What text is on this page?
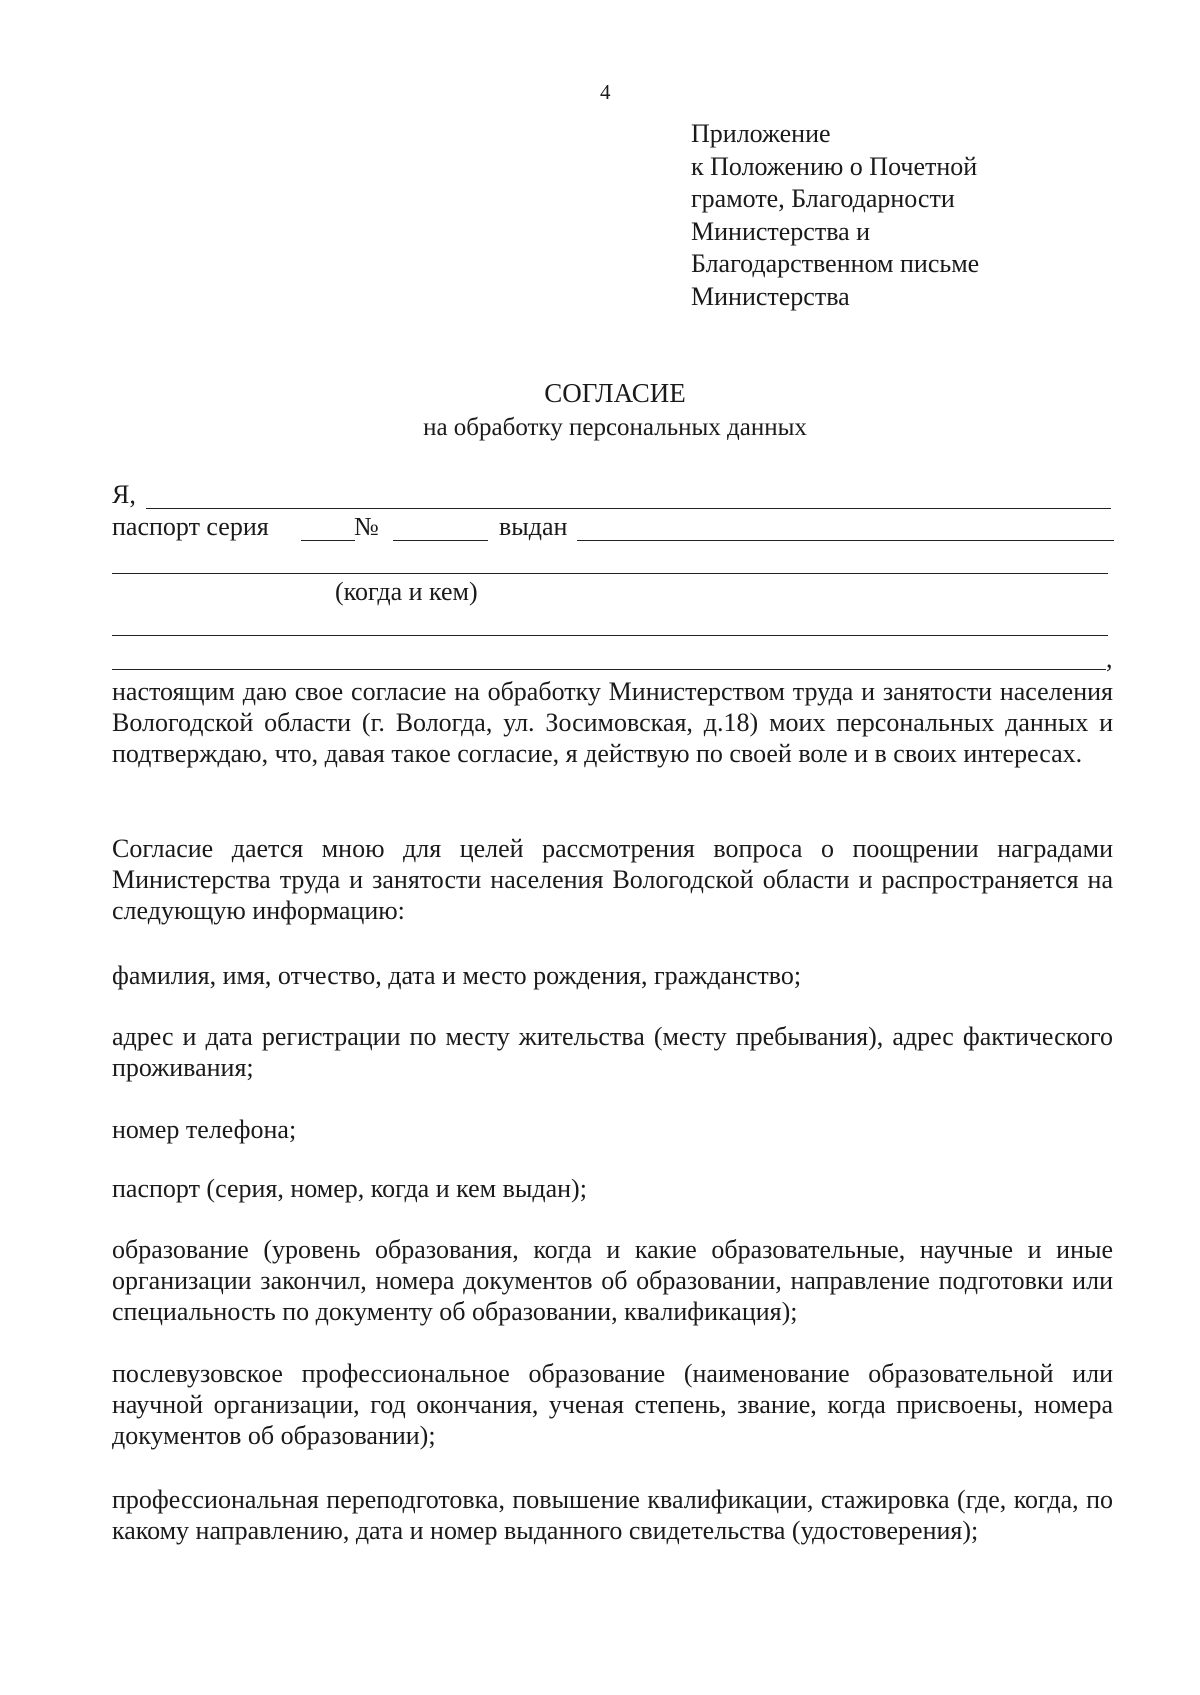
4
Приложение
к Положению о Почетной
грамоте, Благодарности
Министерства и
Благодарственном письме
Министерства
СОГЛАСИЕ
на обработку персональных данных
Я,
паспорт серия	№	выдан
(когда и кем)
,
настоящим даю свое согласие на обработку Министерством труда и занятости населения Вологодской области (г. Вологда, ул. Зосимовская, д.18) моих персональных данных и подтверждаю, что, давая такое согласие, я действую по своей воле и в своих интересах.
Согласие дается мною для целей рассмотрения вопроса о поощрении наградами Министерства труда и занятости населения Вологодской области и распространяется на следующую информацию:
фамилия, имя, отчество, дата и место рождения, гражданство;
адрес и дата регистрации по месту жительства (месту пребывания), адрес фактического проживания;
номер телефона;
паспорт (серия, номер, когда и кем выдан);
образование (уровень образования, когда и какие образовательные, научные и иные организации закончил, номера документов об образовании, направление подготовки или специальность по документу об образовании, квалификация);
послевузовское профессиональное образование (наименование образовательной или научной организации, год окончания, ученая степень, звание, когда присвоены, номера документов об образовании);
профессиональная переподготовка, повышение квалификации, стажировка (где, когда, по какому направлению, дата и номер выданного свидетельства (удостоверения);
